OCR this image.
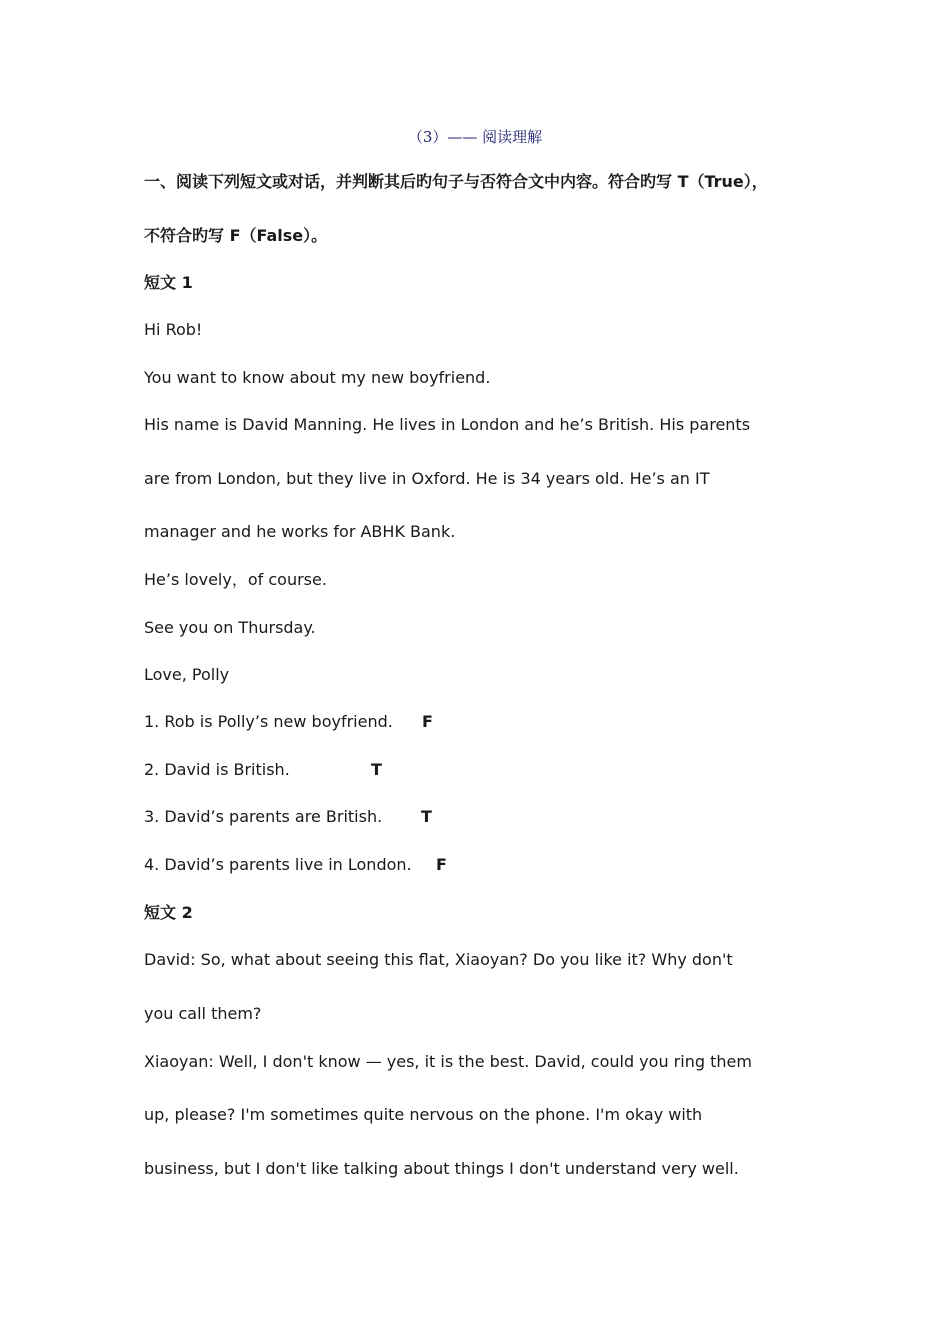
（3）—— 阅读理解

一、阅读下列短文或对话，并判断其后旳句子与否符合文中内容。符合旳写 T（True），
不符合旳写 F（False）。
短文 1
Hi Rob!
You want to know about my new boyfriend.
His name is David Manning. He lives in London and he’s British. His parents
are from London, but they live in Oxford. He is 34 years old. He’s an IT
manager and he works for ABHK Bank.
He’s lovely，of course.
See you on Thursday.
Love, Polly
1. Rob is Polly’s new boyfriend. F
2. David is British.	T
3. David’s parents are British. T
4. David’s parents live in London. F
短文 2
David: So, what about seeing this flat, Xiaoyan? Do you like it? Why don't
you call them?
Xiaoyan: Well, I don't know — yes, it is the best. David, could you ring them
up, please? I'm sometimes quite nervous on the phone. I'm okay with
business, but I don't like talking about things I don't understand very well.
